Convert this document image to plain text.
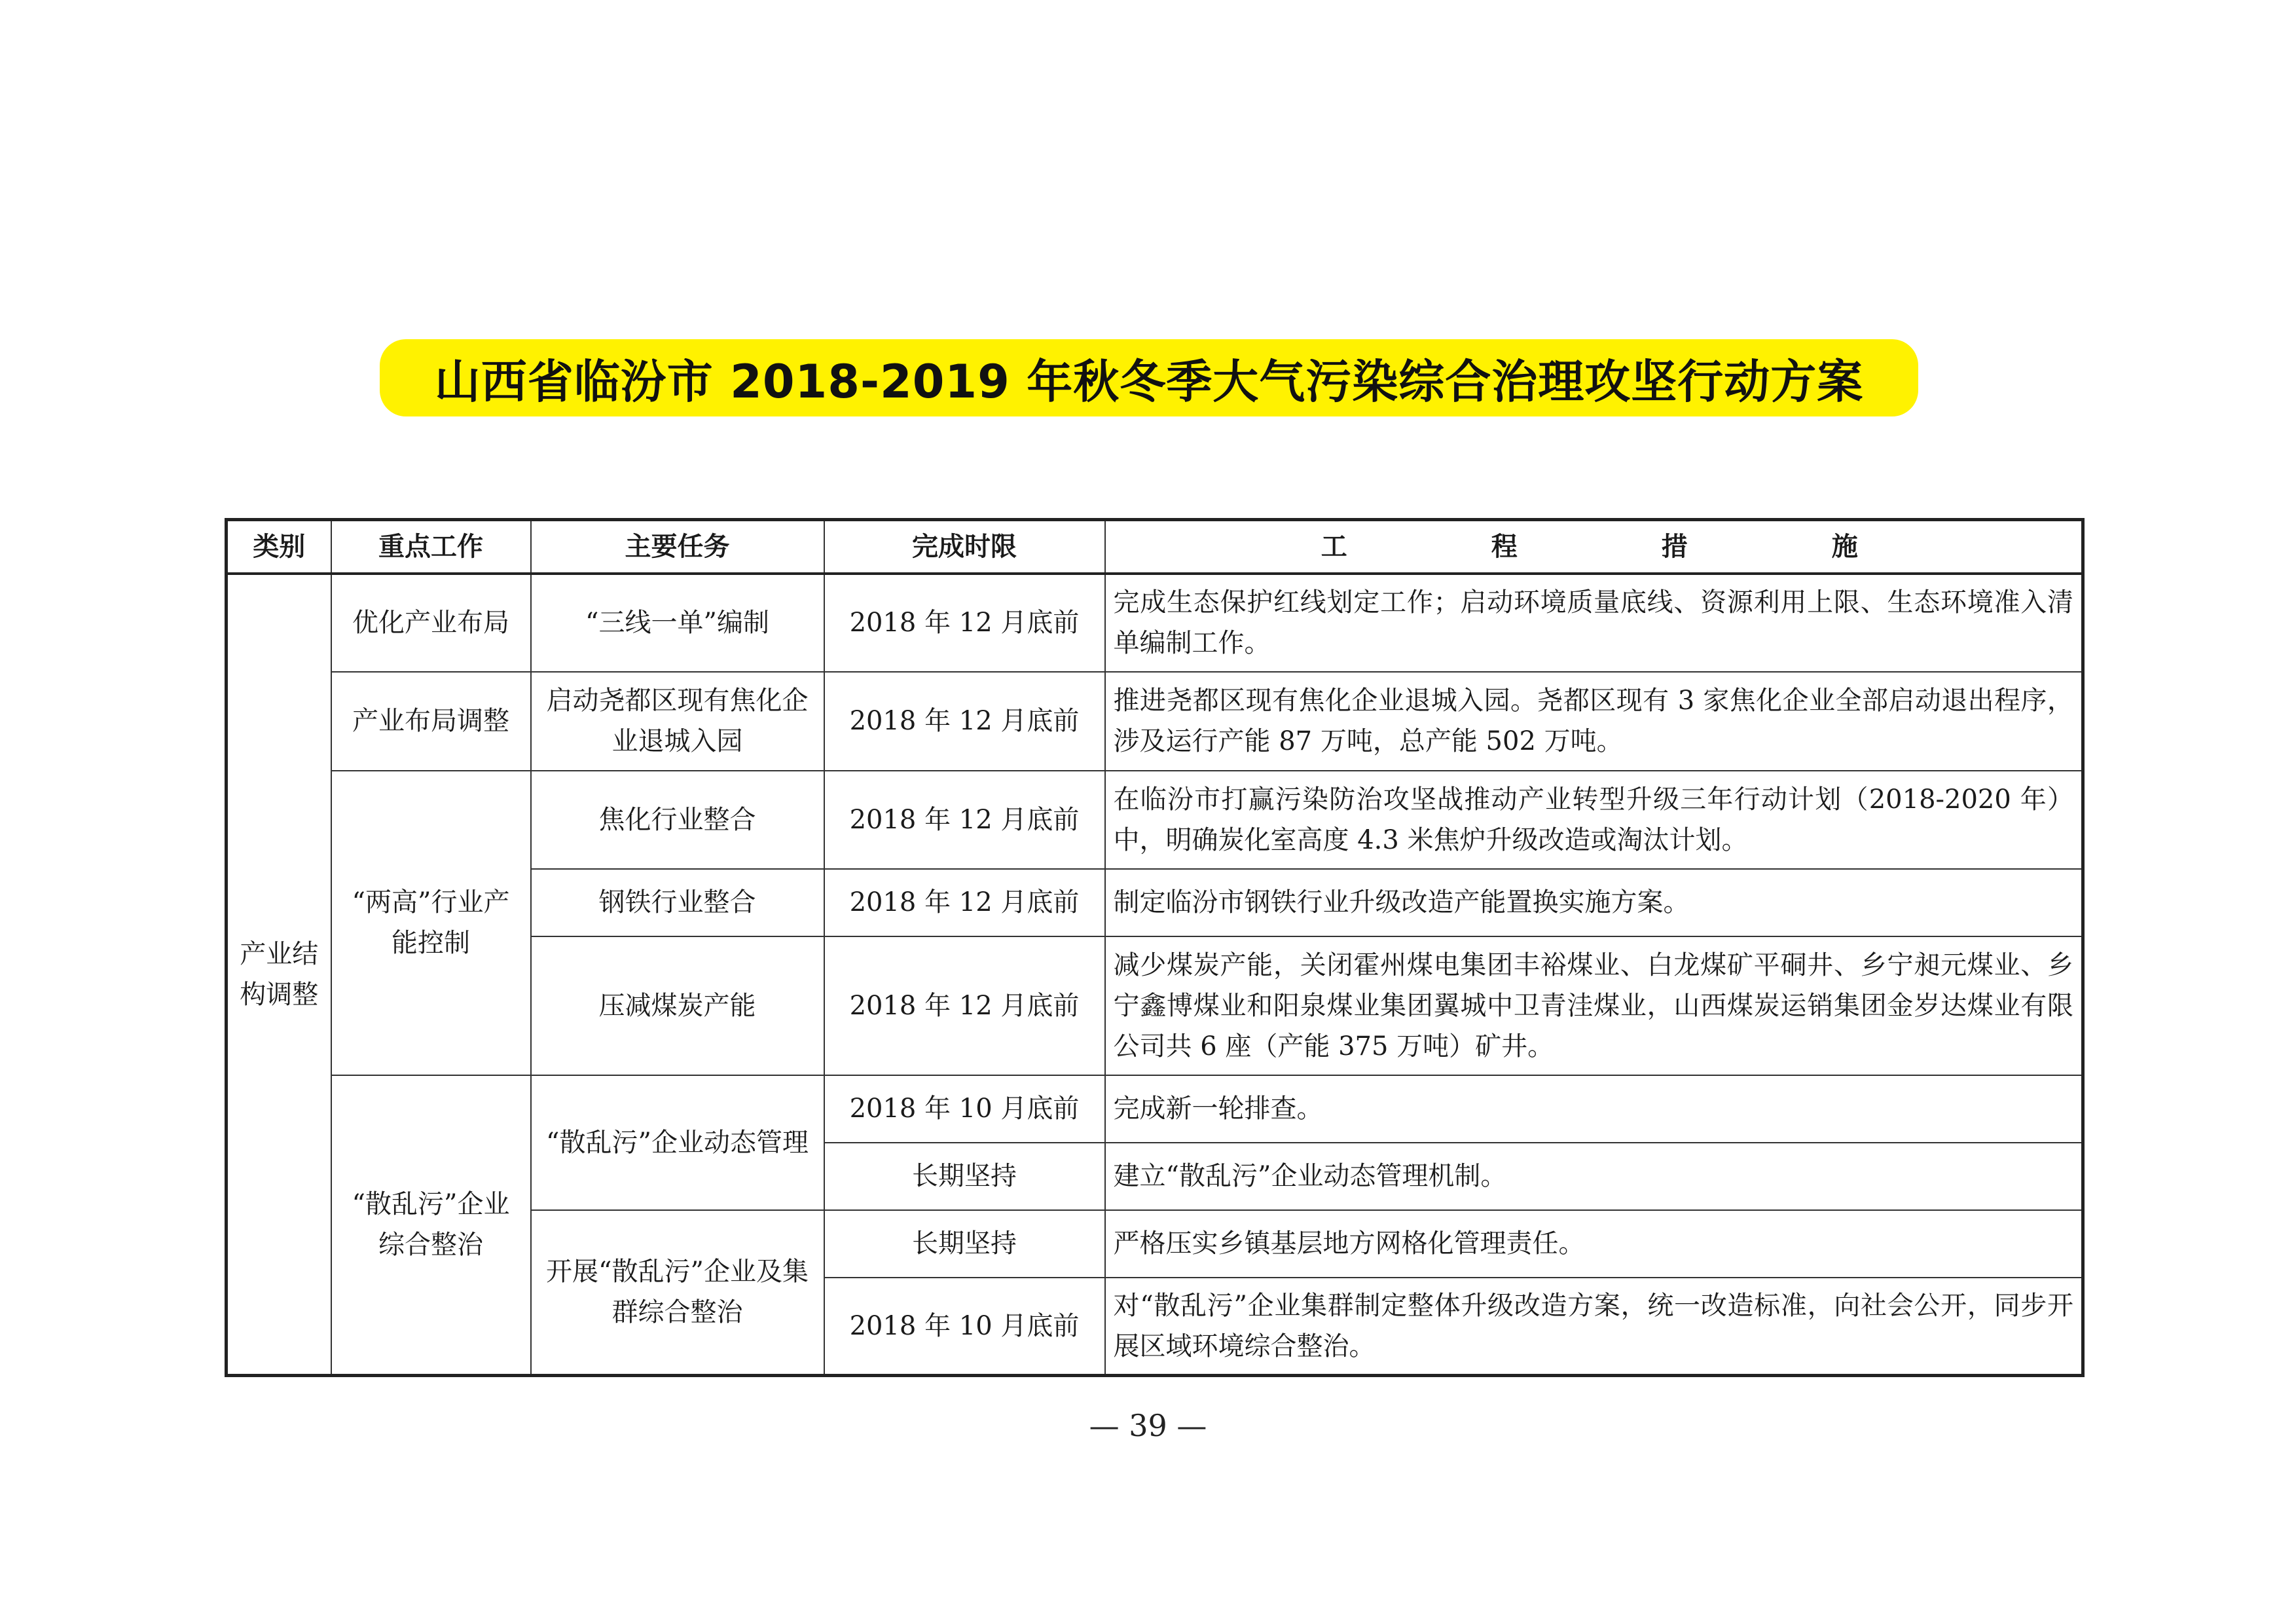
山西省临汾市 2018-2019 年秋冬季大气污染综合治理攻坚行动方案
类别	重点工作	主要任务	完成时限	工　程　措　施
产业结构调整	优化产业布局	“三线一单”编制	2018 年 12 月底前	完成生态保护红线划定工作；启动环境质量底线、资源利用上限、生态环境准入清单编制工作。
	产业布局调整	启动尧都区现有焦化企业退城入园	2018 年 12 月底前	推进尧都区现有焦化企业退城入园。尧都区现有 3 家焦化企业全部启动退出程序，涉及运行产能 87 万吨，总产能 502 万吨。
	“两高”行业产能控制	焦化行业整合	2018 年 12 月底前	在临汾市打赢污染防治攻坚战推动产业转型升级三年行动计划（2018-2020 年）中，明确炭化室高度 4.3 米焦炉升级改造或淘汰计划。
		钢铁行业整合	2018 年 12 月底前	制定临汾市钢铁行业升级改造产能置换实施方案。
		压减煤炭产能	2018 年 12 月底前	减少煤炭产能，关闭霍州煤电集团丰裕煤业、白龙煤矿平硐井、乡宁昶元煤业、乡宁鑫博煤业和阳泉煤业集团翼城中卫青洼煤业，山西煤炭运销集团金岁达煤业有限公司共 6 座（产能 375 万吨）矿井。
	“散乱污”企业综合整治	“散乱污”企业动态管理	2018 年 10 月底前	完成新一轮排查。
			长期坚持	建立“散乱污”企业动态管理机制。
		开展“散乱污”企业及集群综合整治	长期坚持	严格压实乡镇基层地方网格化管理责任。
			2018 年 10 月底前	对“散乱污”企业集群制定整体升级改造方案，统一改造标准，向社会公开，同步开展区域环境综合整治。
— 39 —
